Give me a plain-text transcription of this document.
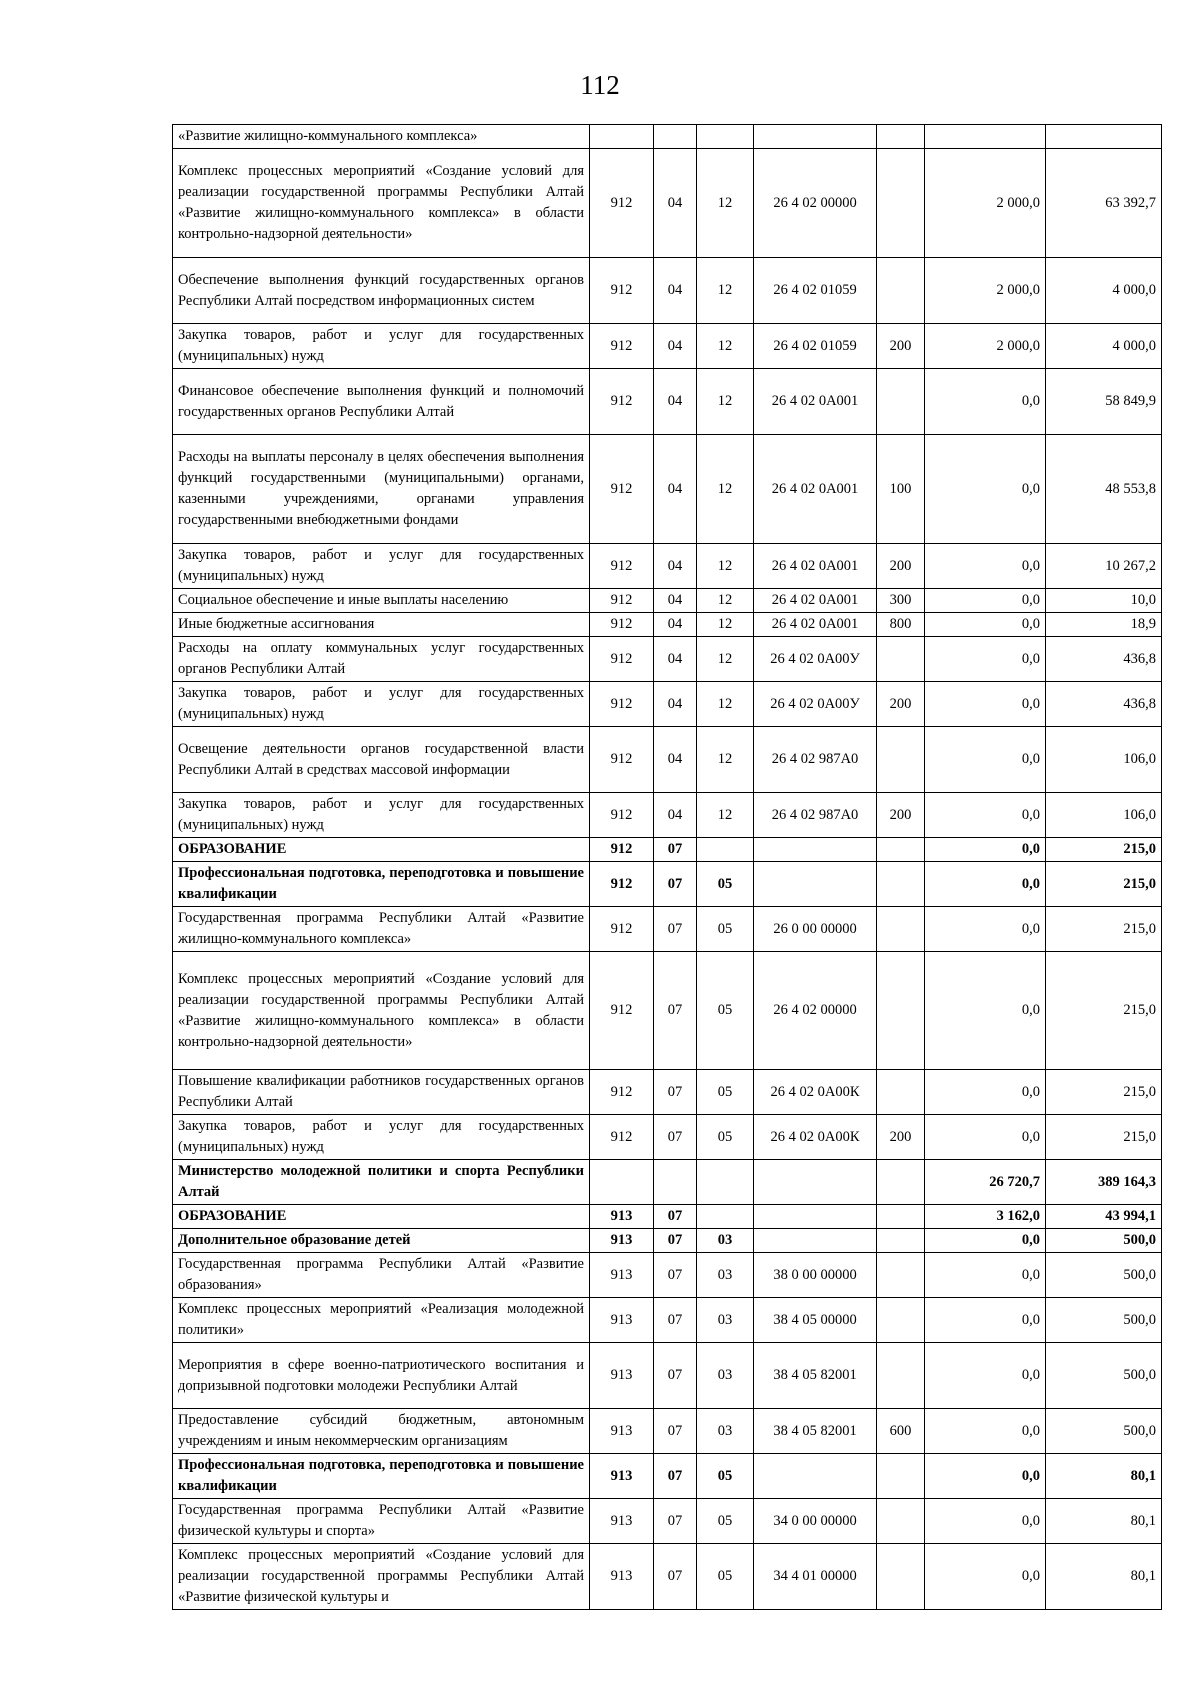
112
«Развитие жилищно-коммунального комплекса»							
Комплекс процессных мероприятий «Создание условий для реализации государственной программы Республики Алтай «Развитие жилищно-коммунального комплекса» в области контрольно-надзорной деятельности»	912	04	12	26 4 02 00000		2 000,0	63 392,7
Обеспечение выполнения функций государственных органов Республики Алтай посредством информационных систем	912	04	12	26 4 02 01059		2 000,0	4 000,0
Закупка товаров, работ и услуг для государственных (муниципальных) нужд	912	04	12	26 4 02 01059	200	2 000,0	4 000,0
Финансовое обеспечение выполнения функций и полномочий государственных органов Республики Алтай	912	04	12	26 4 02 0А001		0,0	58 849,9
Расходы на выплаты персоналу в целях обеспечения выполнения функций государственными (муниципальными) органами, казенными учреждениями, органами управления государственными внебюджетными фондами	912	04	12	26 4 02 0А001	100	0,0	48 553,8
Закупка товаров, работ и услуг для государственных (муниципальных) нужд	912	04	12	26 4 02 0А001	200	0,0	10 267,2
Социальное обеспечение и иные выплаты населению	912	04	12	26 4 02 0А001	300	0,0	10,0
Иные бюджетные ассигнования	912	04	12	26 4 02 0А001	800	0,0	18,9
Расходы на оплату коммунальных услуг государственных органов Республики Алтай	912	04	12	26 4 02 0А00У		0,0	436,8
Закупка товаров, работ и услуг для государственных (муниципальных) нужд	912	04	12	26 4 02 0А00У	200	0,0	436,8
Освещение деятельности органов государственной власти Республики Алтай в средствах массовой информации	912	04	12	26 4 02 987А0		0,0	106,0
Закупка товаров, работ и услуг для государственных (муниципальных) нужд	912	04	12	26 4 02 987А0	200	0,0	106,0
ОБРАЗОВАНИЕ	912	07				0,0	215,0
Профессиональная подготовка, переподготовка и повышение квалификации	912	07	05			0,0	215,0
Государственная программа Республики Алтай «Развитие жилищно-коммунального комплекса»	912	07	05	26 0 00 00000		0,0	215,0
Комплекс процессных мероприятий «Создание условий для реализации государственной программы Республики Алтай «Развитие жилищно-коммунального комплекса» в области контрольно-надзорной деятельности»	912	07	05	26 4 02 00000		0,0	215,0
Повышение квалификации работников государственных органов Республики Алтай	912	07	05	26 4 02 0А00К		0,0	215,0
Закупка товаров, работ и услуг для государственных (муниципальных) нужд	912	07	05	26 4 02 0А00К	200	0,0	215,0
Министерство молодежной политики и спорта Республики Алтай						26 720,7	389 164,3
ОБРАЗОВАНИЕ	913	07				3 162,0	43 994,1
Дополнительное образование детей	913	07	03			0,0	500,0
Государственная программа Республики Алтай «Развитие образования»	913	07	03	38 0 00 00000		0,0	500,0
Комплекс процессных мероприятий «Реализация молодежной политики»	913	07	03	38 4 05 00000		0,0	500,0
Мероприятия в сфере военно-патриотического воспитания и допризывной подготовки молодежи Республики Алтай	913	07	03	38 4 05 82001		0,0	500,0
Предоставление субсидий бюджетным, автономным учреждениям и иным некоммерческим организациям	913	07	03	38 4 05 82001	600	0,0	500,0
Профессиональная подготовка, переподготовка и повышение квалификации	913	07	05			0,0	80,1
Государственная программа Республики Алтай «Развитие физической культуры и спорта»	913	07	05	34 0 00 00000		0,0	80,1
Комплекс процессных мероприятий «Создание условий для реализации государственной программы Республики Алтай «Развитие физической культуры и	913	07	05	34 4 01 00000		0,0	80,1
